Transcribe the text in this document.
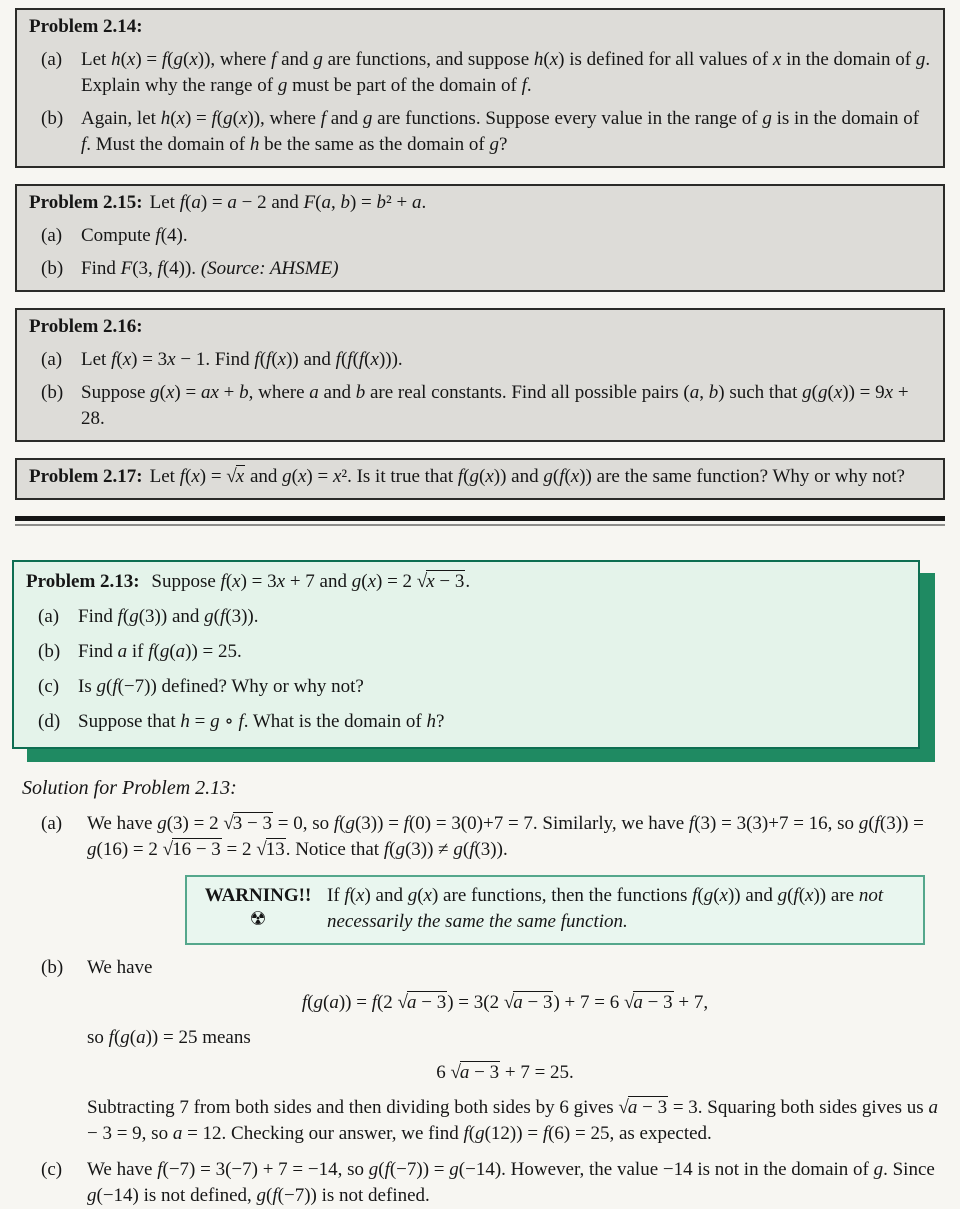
Problem 2.14:
(a) Let h(x) = f(g(x)), where f and g are functions, and suppose h(x) is defined for all values of x in the domain of g. Explain why the range of g must be part of the domain of f.
(b) Again, let h(x) = f(g(x)), where f and g are functions. Suppose every value in the range of g is in the domain of f. Must the domain of h be the same as the domain of g?
Problem 2.15: Let f(a) = a − 2 and F(a, b) = b² + a.
(a) Compute f(4).
(b) Find F(3, f(4)). (Source: AHSME)
Problem 2.16:
(a) Let f(x) = 3x − 1. Find f(f(x)) and f(f(f(x))).
(b) Suppose g(x) = ax + b, where a and b are real constants. Find all possible pairs (a, b) such that g(g(x)) = 9x + 28.
Problem 2.17: Let f(x) = √x and g(x) = x². Is it true that f(g(x)) and g(f(x)) are the same function? Why or why not?
Problem 2.13: Suppose f(x) = 3x + 7 and g(x) = 2 √x − 3.
(a) Find f(g(3)) and g(f(3)).
(b) Find a if f(g(a)) = 25.
(c) Is g(f(−7)) defined? Why or why not?
(d) Suppose that h = g ∘ f. What is the domain of h?
Solution for Problem 2.13:
(a)	We have g(3) = 2 √3 − 3 = 0, so f(g(3)) = f(0) = 3(0)+7 = 7. Similarly, we have f(3) = 3(3)+7 = 16, so g(f(3)) = g(16) = 2 √16 − 3 = 2 √13. Notice that f(g(3)) ≠ g(f(3)).
WARNING!!
☢
If f(x) and g(x) are functions, then the functions f(g(x)) and g(f(x)) are not necessarily the same the same function.
(b)	We have
f(g(a)) = f(2 √a − 3) = 3(2 √a − 3) + 7 = 6 √a − 3 + 7,
so f(g(a)) = 25 means
6 √a − 3 + 7 = 25.
Subtracting 7 from both sides and then dividing both sides by 6 gives √a − 3 = 3. Squaring both sides gives us a − 3 = 9, so a = 12. Checking our answer, we find f(g(12)) = f(6) = 25, as expected.
(c)	We have f(−7) = 3(−7) + 7 = −14, so g(f(−7)) = g(−14). However, the value −14 is not in the domain of g. Since g(−14) is not defined, g(f(−7)) is not defined.
